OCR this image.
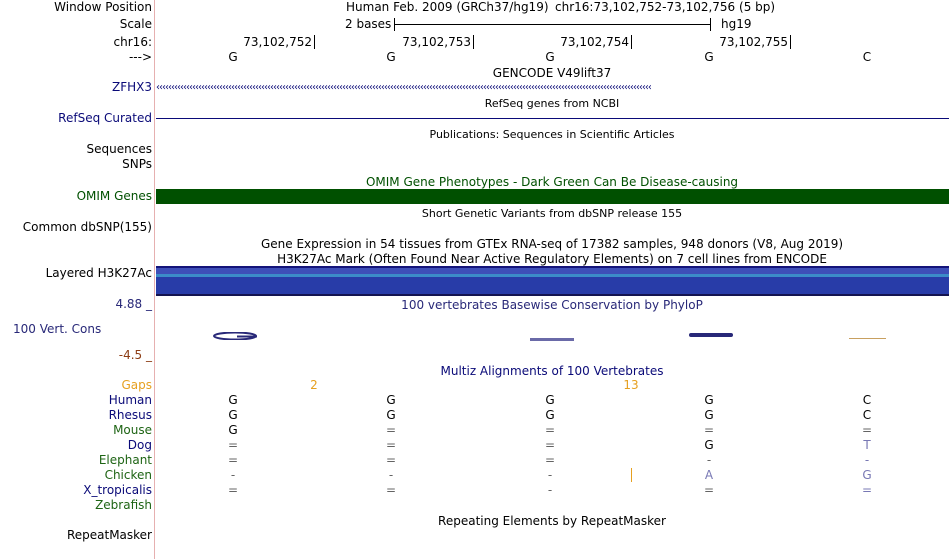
Window Position	Human Feb. 2009 (GRCh37/hg19) chr16:73,102,752-73,102,756 (5 bp)
Scale	2 bases	hg19
chr16:	73,102,752	73,102,753	73,102,754	73,102,755
--->	G	G	G	G	C
GENCODE V49lift37
ZFHX3 ‹‹‹‹‹‹‹‹‹‹‹‹‹‹‹‹‹‹‹‹‹‹‹‹‹‹‹‹‹‹‹‹‹‹‹‹‹‹‹‹‹‹‹‹‹‹‹‹‹‹‹‹‹‹‹‹‹‹‹‹‹‹‹‹‹‹‹‹‹‹‹‹‹‹‹‹‹‹‹‹‹‹‹‹‹‹‹‹‹‹‹‹‹‹‹‹‹‹‹‹‹‹‹‹‹‹‹‹‹‹‹‹‹‹‹‹‹‹‹‹‹‹‹‹‹‹‹‹‹‹‹‹‹‹‹‹‹‹‹‹‹‹‹‹‹‹‹‹‹‹‹‹‹‹‹‹‹‹‹‹‹‹‹‹‹
RefSeq genes from NCBI
RefSeq Curated
Publications: Sequences in Scientific Articles
Sequences
SNPs
OMIM Gene Phenotypes - Dark Green Can Be Disease-causing
OMIM Genes
Short Genetic Variants from dbSNP release 155
Common dbSNP(155)
Gene Expression in 54 tissues from GTEx RNA-seq of 17382 samples, 948 donors (V8, Aug 2019)
H3K27Ac Mark (Often Found Near Active Regulatory Elements) on 7 cell lines from ENCODE
Layered H3K27Ac
100 vertebrates Basewise Conservation by PhyloP
4.88 _
100 Vert. Cons
-4.5 _
Multiz Alignments of 100 Vertebrates
Gaps	2	13
Human	G	G	G	G	C
Rhesus	G	G	G	G	C
Mouse	G	=	=	=	=
Dog	=	=	=	G	T
Elephant	=	=	=	-	-
Chicken	-	-	-	A	G
X_tropicalis	=	=	-	=	=
Zebrafish
Repeating Elements by RepeatMasker
RepeatMasker
